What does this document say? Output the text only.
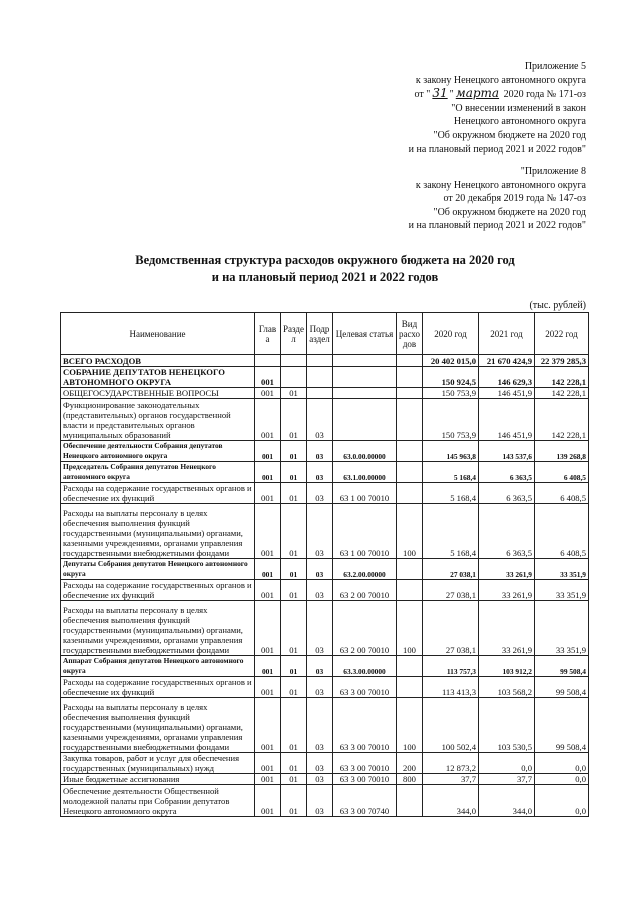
Приложение 5
к закону Ненецкого автономного округа
от " 31 " марта 2020 года № 171-оз
"О внесении изменений в закон
Ненецкого автономного округа
"Об окружном бюджете на 2020 год
и на плановый период 2021 и 2022 годов"
"Приложение 8
к закону Ненецкого автономного округа
от 20 декабря 2019 года № 147-оз
"Об окружном бюджете на 2020 год
и на плановый период 2021 и 2022 годов"
Ведомственная структура расходов окружного бюджета на 2020 год
и на плановый период 2021 и 2022 годов
(тыс. рублей)
Наименование	Глав а	Разде л	Подр аздел	Целевая статья	Вид расхо дов	2020 год	2021 год	2022 год
ВСЕГО РАСХОДОВ						20 402 015,0	21 670 424,9	22 379 285,3
СОБРАНИЕ ДЕПУТАТОВ НЕНЕЦКОГО АВТОНОМНОГО ОКРУГА	001					150 924,5	146 629,3	142 228,1
ОБЩЕГОСУДАРСТВЕННЫЕ ВОПРОСЫ	001	01				150 753,9	146 451,9	142 228,1
Функционирование законодательных (представительных) органов государственной власти и представительных органов муниципальных образований	001	01	03			150 753,9	146 451,9	142 228,1
Обеспечение деятельности Собрания депутатов Ненецкого автономного округа	001	01	03	63.0.00.00000		145 963,8	143 537,6	139 268,8
Председатель Собрания депутатов Ненецкого автономного округа	001	01	03	63.1.00.00000		5 168,4	6 363,5	6 408,5
Расходы на содержание государственных органов и обеспечение их функций	001	01	03	63 1 00 70010		5 168,4	6 363,5	6 408,5
Расходы на выплаты персоналу в целях обеспечения выполнения функций государственными (муниципальными) органами, казенными учреждениями, органами управления государственными внебюджетными фондами	001	01	03	63 1 00 70010	100	5 168,4	6 363,5	6 408,5
Депутаты Собрания депутатов Ненецкого автономного округа	001	01	03	63.2.00.00000		27 038,1	33 261,9	33 351,9
Расходы на содержание государственных органов и обеспечение их функций	001	01	03	63 2 00 70010		27 038,1	33 261,9	33 351,9
Расходы на выплаты персоналу в целях обеспечения выполнения функций государственными (муниципальными) органами, казенными учреждениями, органами управления государственными внебюджетными фондами	001	01	03	63 2 00 70010	100	27 038,1	33 261,9	33 351,9
Аппарат Собрания депутатов Ненецкого автономного округа	001	01	03	63.3.00.00000		113 757,3	103 912,2	99 508,4
Расходы на содержание государственных органов и обеспечение их функций	001	01	03	63 3 00 70010		113 413,3	103 568,2	99 508,4
Расходы на выплаты персоналу в целях обеспечения выполнения функций государственными (муниципальными) органами, казенными учреждениями, органами управления государственными внебюджетными фондами	001	01	03	63 3 00 70010	100	100 502,4	103 530,5	99 508,4
Закупка товаров, работ и услуг для обеспечения государственных (муниципальных) нужд	001	01	03	63 3 00 70010	200	12 873,2	0,0	0,0
Иные бюджетные ассигнования	001	01	03	63 3 00 70010	800	37,7	37,7	0,0
Обеспечение деятельности Общественной молодежной палаты при Собрании депутатов Ненецкого автономного округа	001	01	03	63 3 00 70740		344,0	344,0	0,0
